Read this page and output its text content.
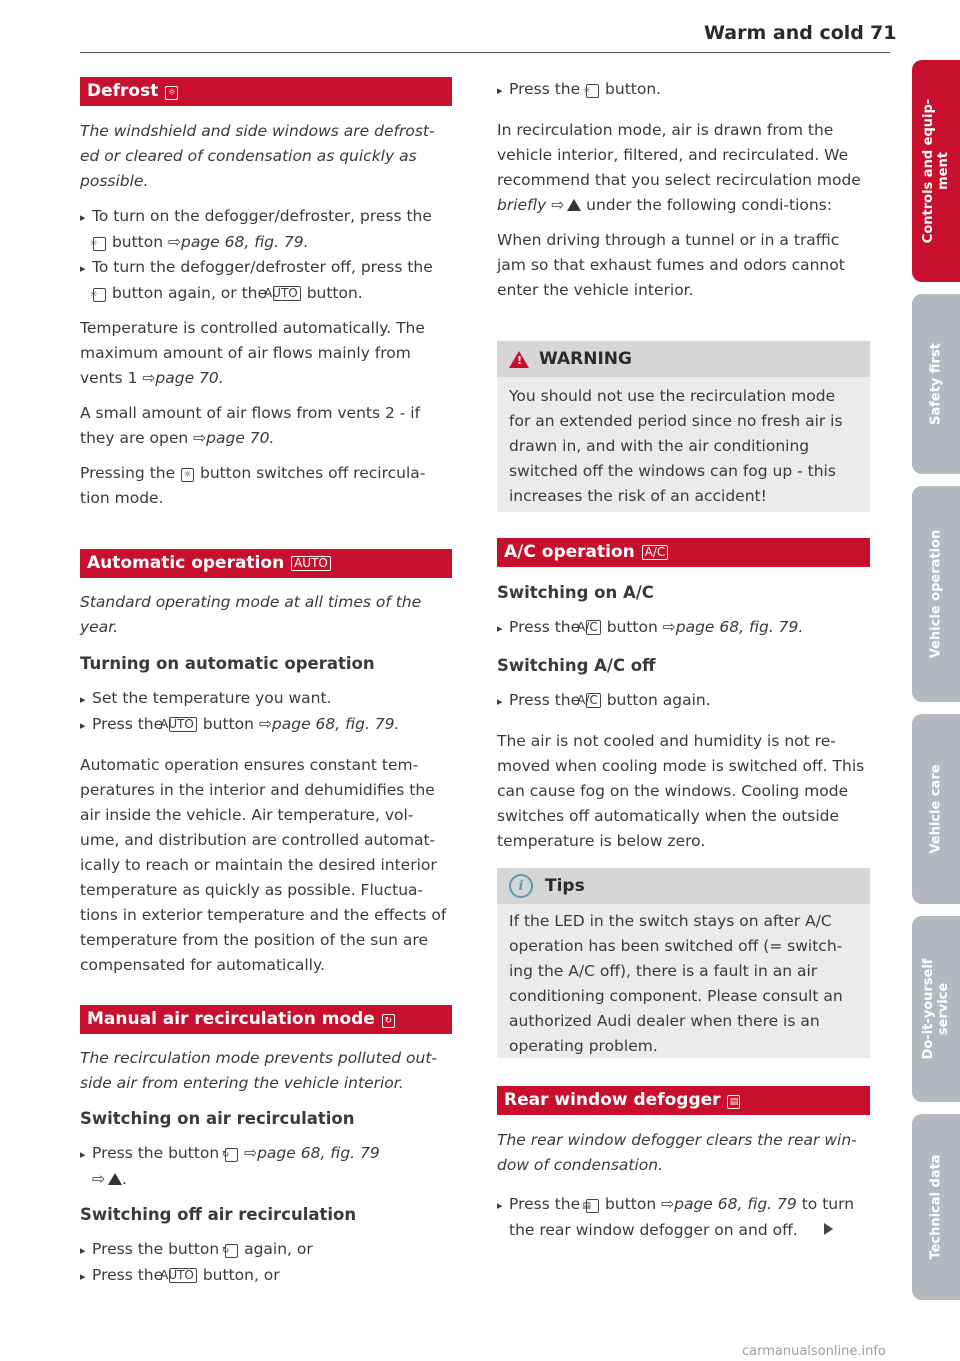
Warm and cold 71
Defrost ☼

The windshield and side windows are defrost-ed or cleared of condensation as quickly as possible.

▸ To turn on the defogger/defroster, press the
☼ button ⇨page 68, fig. 79.

▸ To turn the defogger/defroster off, press the
☼ button again, or the AUTO button.

Temperature is controlled automatically. The maximum amount of air flows mainly from vents 1 ⇨page 70.

A small amount of air flows from vents 2 - if they are open ⇨page 70.

Pressing the ☼ button switches off recircula-tion mode.

Automatic operation AUTO

Standard operating mode at all times of the year.

Turning on automatic operation

▸ Set the temperature you want.

▸ Press the AUTO button ⇨page 68, fig. 79.

Automatic operation ensures constant tem-peratures in the interior and dehumidifies the air inside the vehicle. Air temperature, vol-ume, and distribution are controlled automat-ically to reach or maintain the desired interior temperature as quickly as possible. Fluctua-tions in exterior temperature and the effects of temperature from the position of the sun are compensated for automatically.

Manual air recirculation mode ↻

The recirculation mode prevents polluted out-side air from entering the vehicle interior.

Switching on air recirculation

▸ Press the button ↻ ⇨page 68, fig. 79
⇨ .

Switching off air recirculation

▸ Press the button ↻ again, or

▸ Press the AUTO button, or

▸ Press the ☼ button.

In recirculation mode, air is drawn from the vehicle interior, filtered, and recirculated. We recommend that you select recirculation mode briefly ⇨ under the following condi-tions:

When driving through a tunnel or in a traffic jam so that exhaust fumes and odors cannot enter the vehicle interior.

!
WARNING

You should not use the recirculation mode for an extended period since no fresh air is drawn in, and with the air conditioning switched off the windows can fog up - this increases the risk of an accident!

A/C operation A/C

Switching on A/C

▸ Press the A/C button ⇨page 68, fig. 79.

Switching A/C off

▸ Press the A/C button again.

The air is not cooled and humidity is not re-moved when cooling mode is switched off. This can cause fog on the windows. Cooling mode switches off automatically when the outside temperature is below zero.

i	Tips

If the LED in the switch stays on after A/C operation has been switched off (= switch-ing the A/C off), there is a fault in an air conditioning component. Please consult an authorized Audi dealer when there is an operating problem.

Rear window defogger ▤

The rear window defogger clears the rear win-dow of condensation.

▸ Press the ▤ button ⇨page 68, fig. 79 to turn the rear window defogger on and off.

Controls and equip-
ment
Safety first
Vehicle operation
Vehicle care
Do-it-yourself
service
Technical data
carmanualsonline.info
